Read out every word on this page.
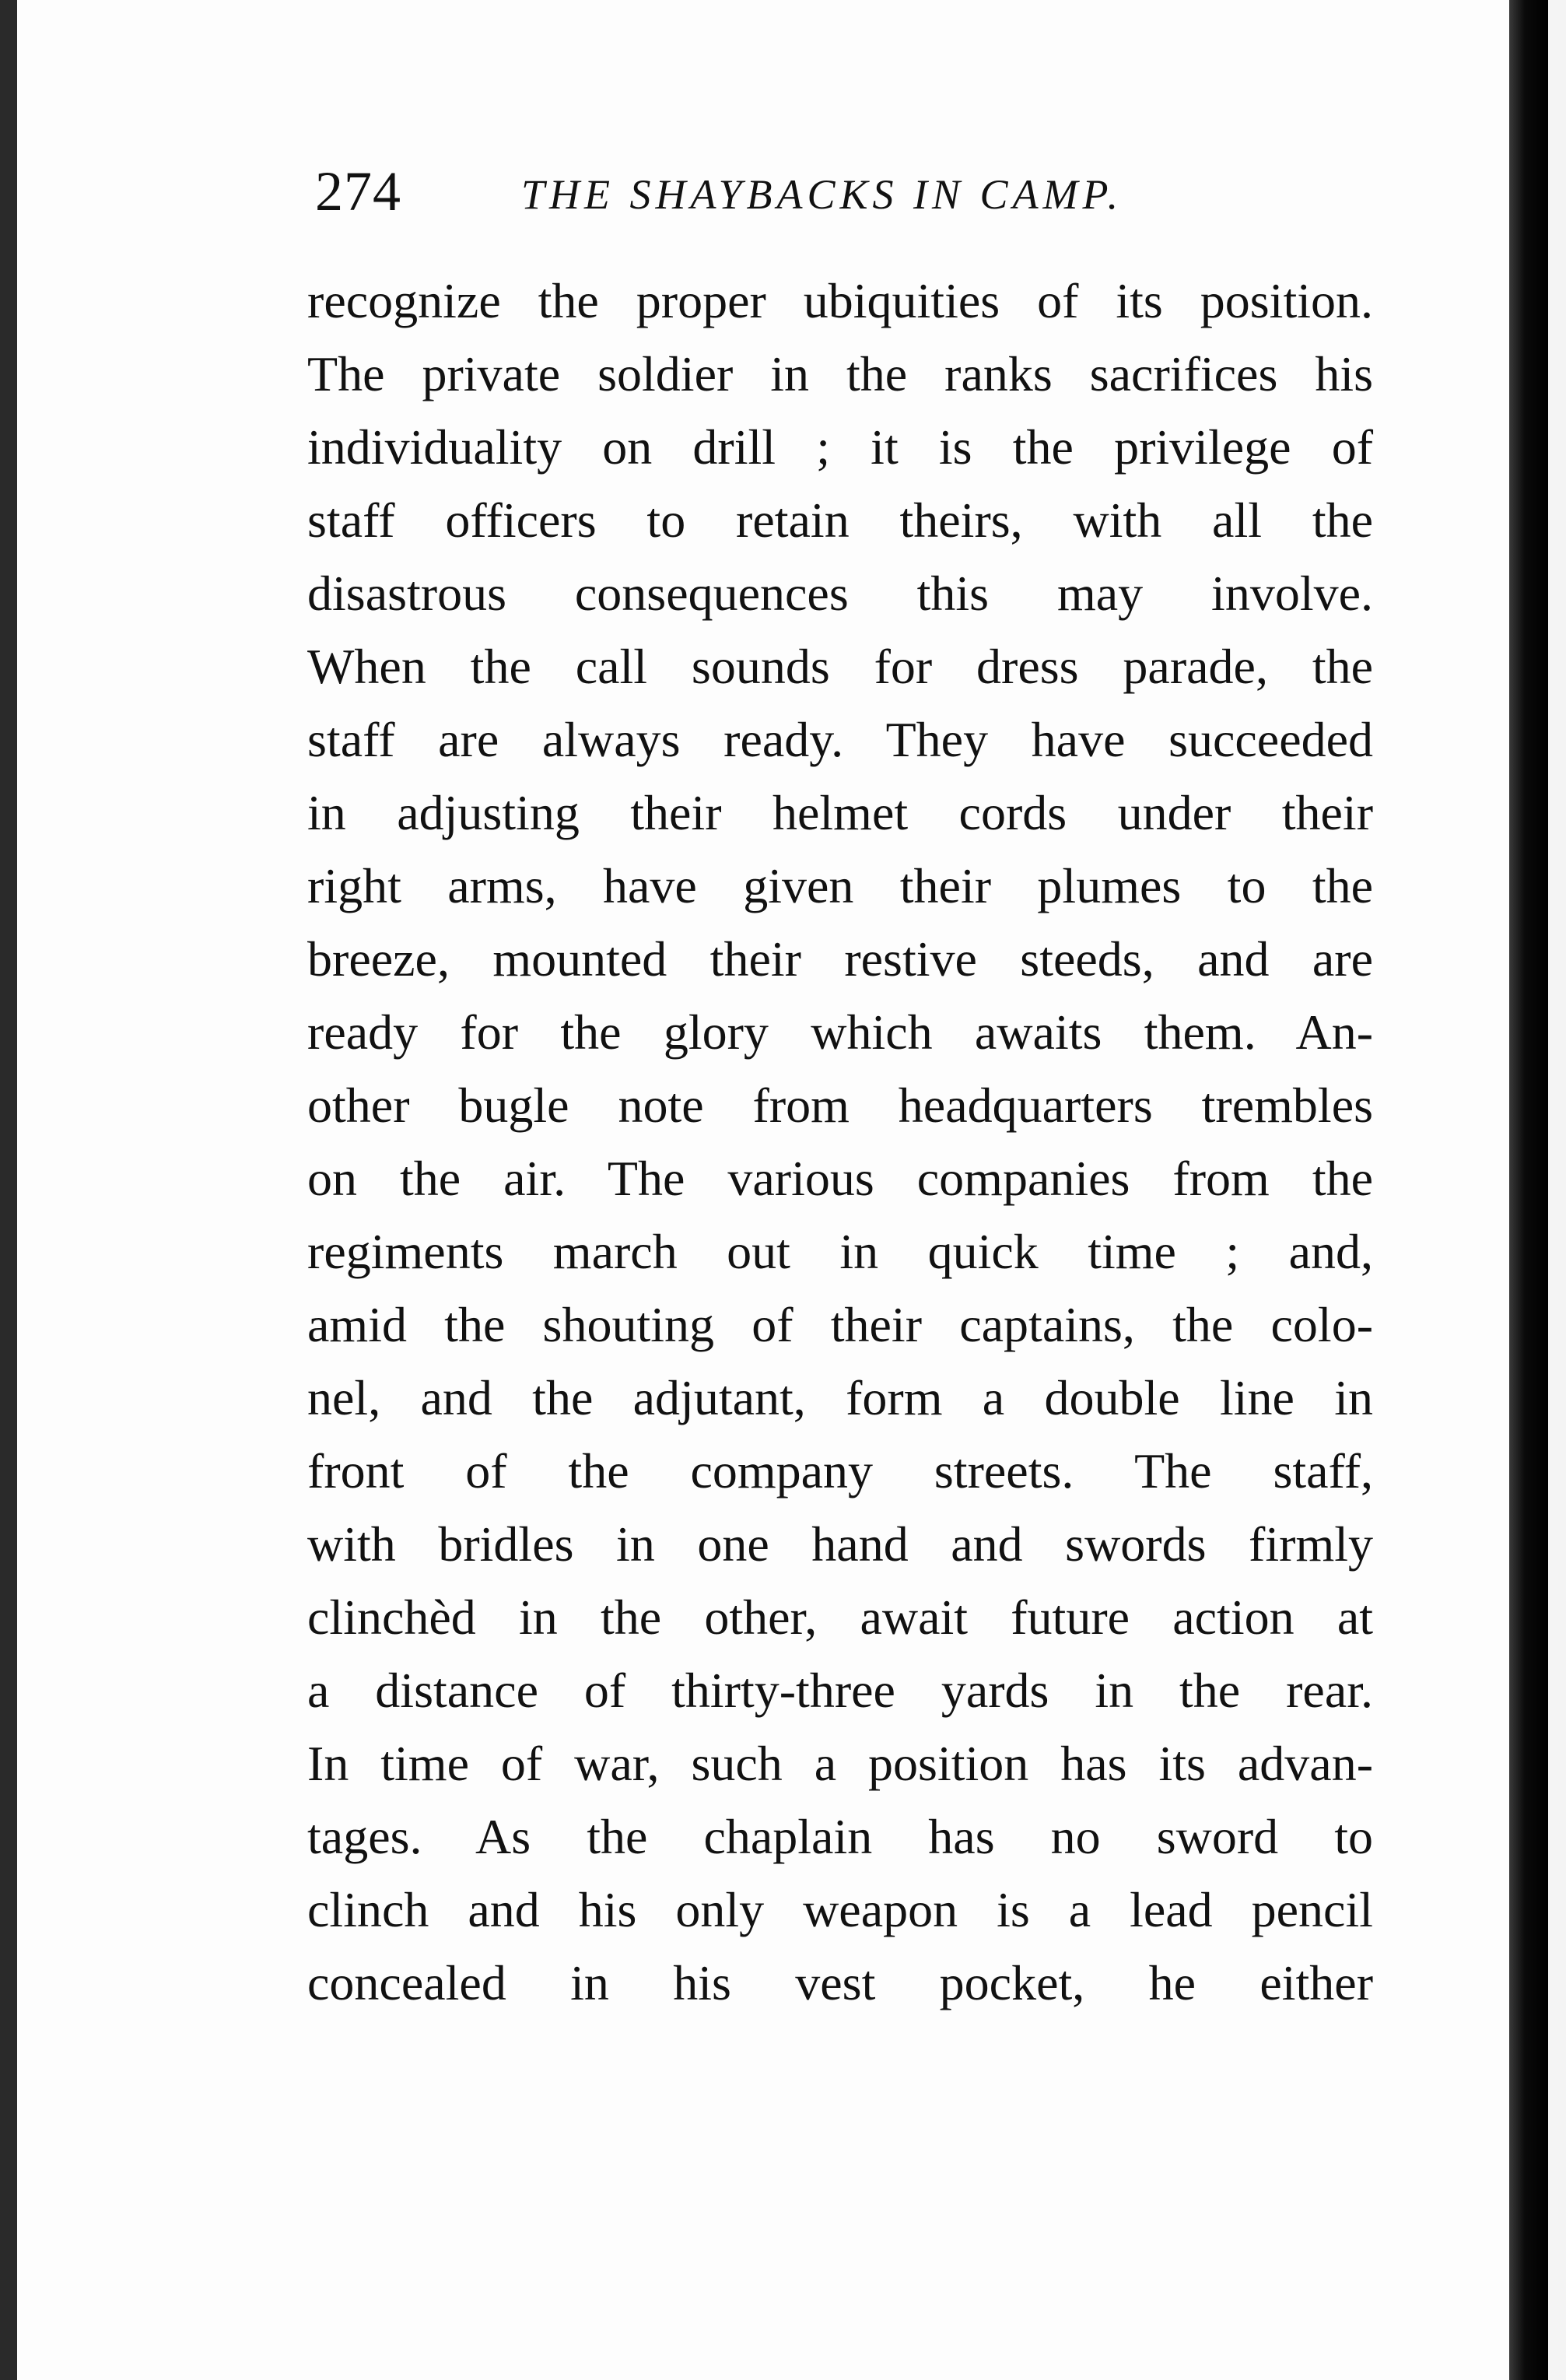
274	THE SHAYBACKS IN CAMP.
recognize the proper ubiquities of its position.
The private soldier in the ranks sacrifices his
individuality on drill ; it is the privilege of
staff officers to retain theirs, with all the
disastrous consequences this may involve.
When the call sounds for dress parade, the
staff are always ready. They have succeeded
in adjusting their helmet cords under their
right arms, have given their plumes to the
breeze, mounted their restive steeds, and are
ready for the glory which awaits them. An-
other bugle note from headquarters trembles
on the air. The various companies from the
regiments march out in quick time ; and,
amid the shouting of their captains, the colo-
nel, and the adjutant, form a double line in
front of the company streets. The staff,
with bridles in one hand and swords firmly
clinchèd in the other, await future action at
a distance of thirty-three yards in the rear.
In time of war, such a position has its advan-
tages. As the chaplain has no sword to
clinch and his only weapon is a lead pencil
concealed in his vest pocket, he either
